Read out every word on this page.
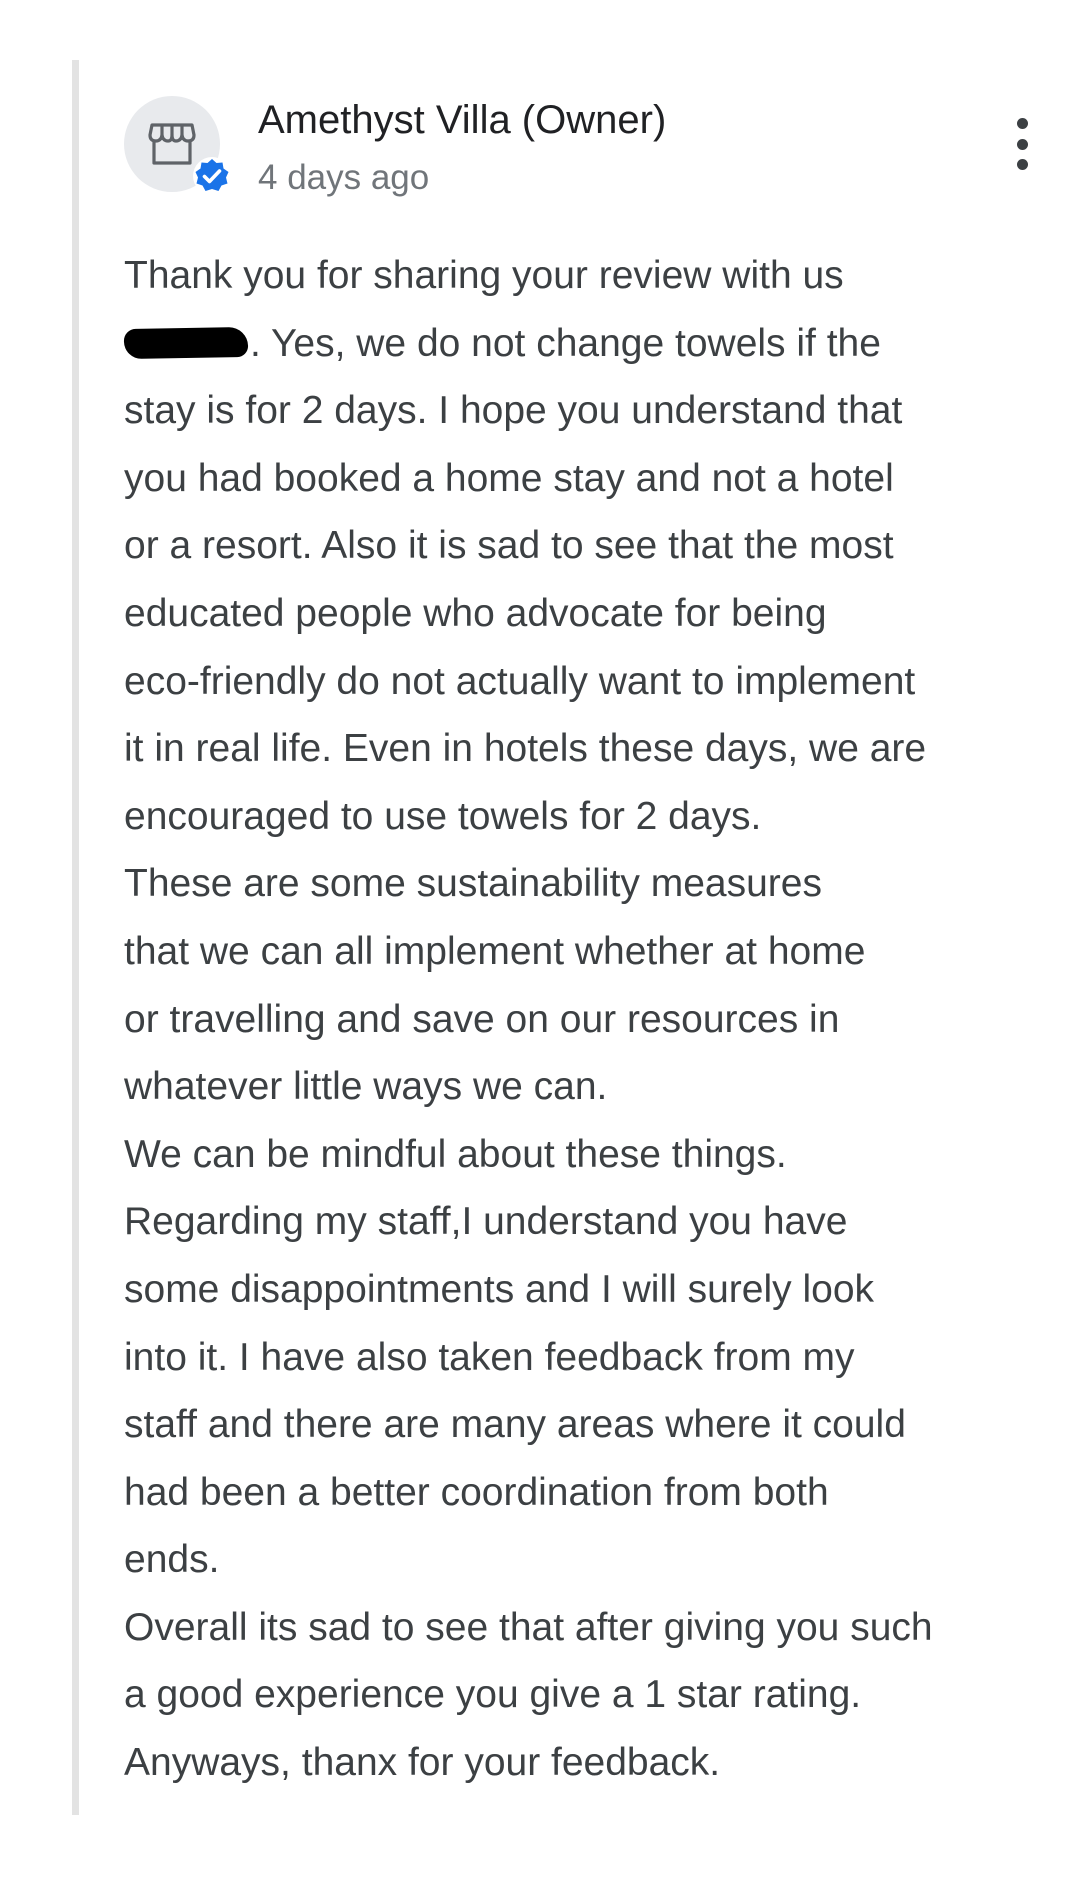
Amethyst Villa (Owner)
4 days ago
Thank you for sharing your review with us
. Yes, we do not change towels if the
stay is for 2 days. I hope you understand that
you had booked a home stay and not a hotel
or a resort. Also it is sad to see that the most
educated people who advocate for being
eco-friendly do not actually want to implement
it in real life. Even in hotels these days, we are
encouraged to use towels for 2 days.
These are some sustainability measures
that we can all implement whether at home
or travelling and save on our resources in
whatever little ways we can.
We can be mindful about these things.
Regarding my staff,I understand you have
some disappointments and I will surely look
into it. I have also taken feedback from my
staff and there are many areas where it could
had been a better coordination from both
ends.
Overall its sad to see that after giving you such
a good experience you give a 1 star rating.
Anyways, thanx for your feedback.
